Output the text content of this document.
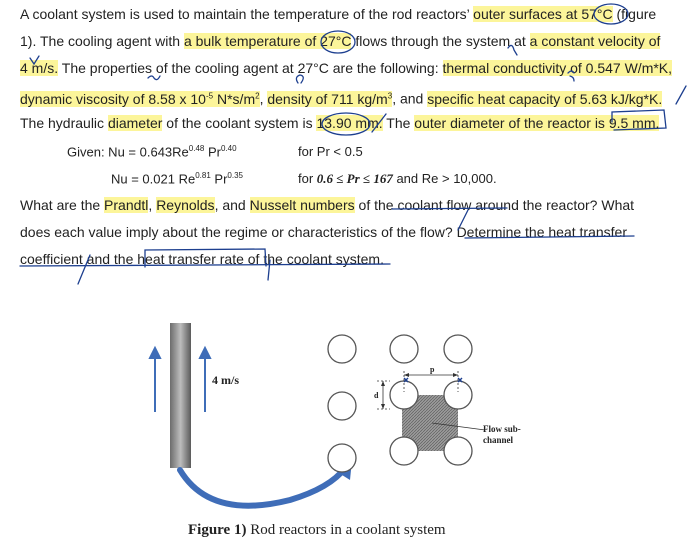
A coolant system is used to maintain the temperature of the rod reactors’ outer surfaces at 57°C (figure
1). The cooling agent with a bulk temperature of 27°C flows through the system at a constant velocity of
4 m/s. The properties of the cooling agent at 27°C are the following: thermal conductivity of 0.547 W/m*K,
dynamic viscosity of 8.58 x $10^{-5}$ $N*s/m^2$, density of 711 $kg/m^3$, and specific heat capacity of 5.63 kJ/kg*K.
The hydraulic diameter of the coolant system is 13.90 mm. The outer diameter of the reactor is 9.5 mm.
Given: $Nu = 0.643Re^{0.48}$ $Pr^{0.40}$	for Pr < 0.5
Nu = 0.021 $Re^{0.81}$ $Pr^{0.35}$	for 0.6 ≤ Pr ≤ 167 and Re > 10,000.
What are the Prandtl, Reynolds, and Nusselt numbers of the coolant flow around the reactor? What
does each value imply about the regime or characteristics of the flow? Determine the heat transfer
coefficient and the heat transfer rate of the coolant system.
4 m/s
p
d
Flow sub-
channel
Figure 1) Rod reactors in a coolant system
